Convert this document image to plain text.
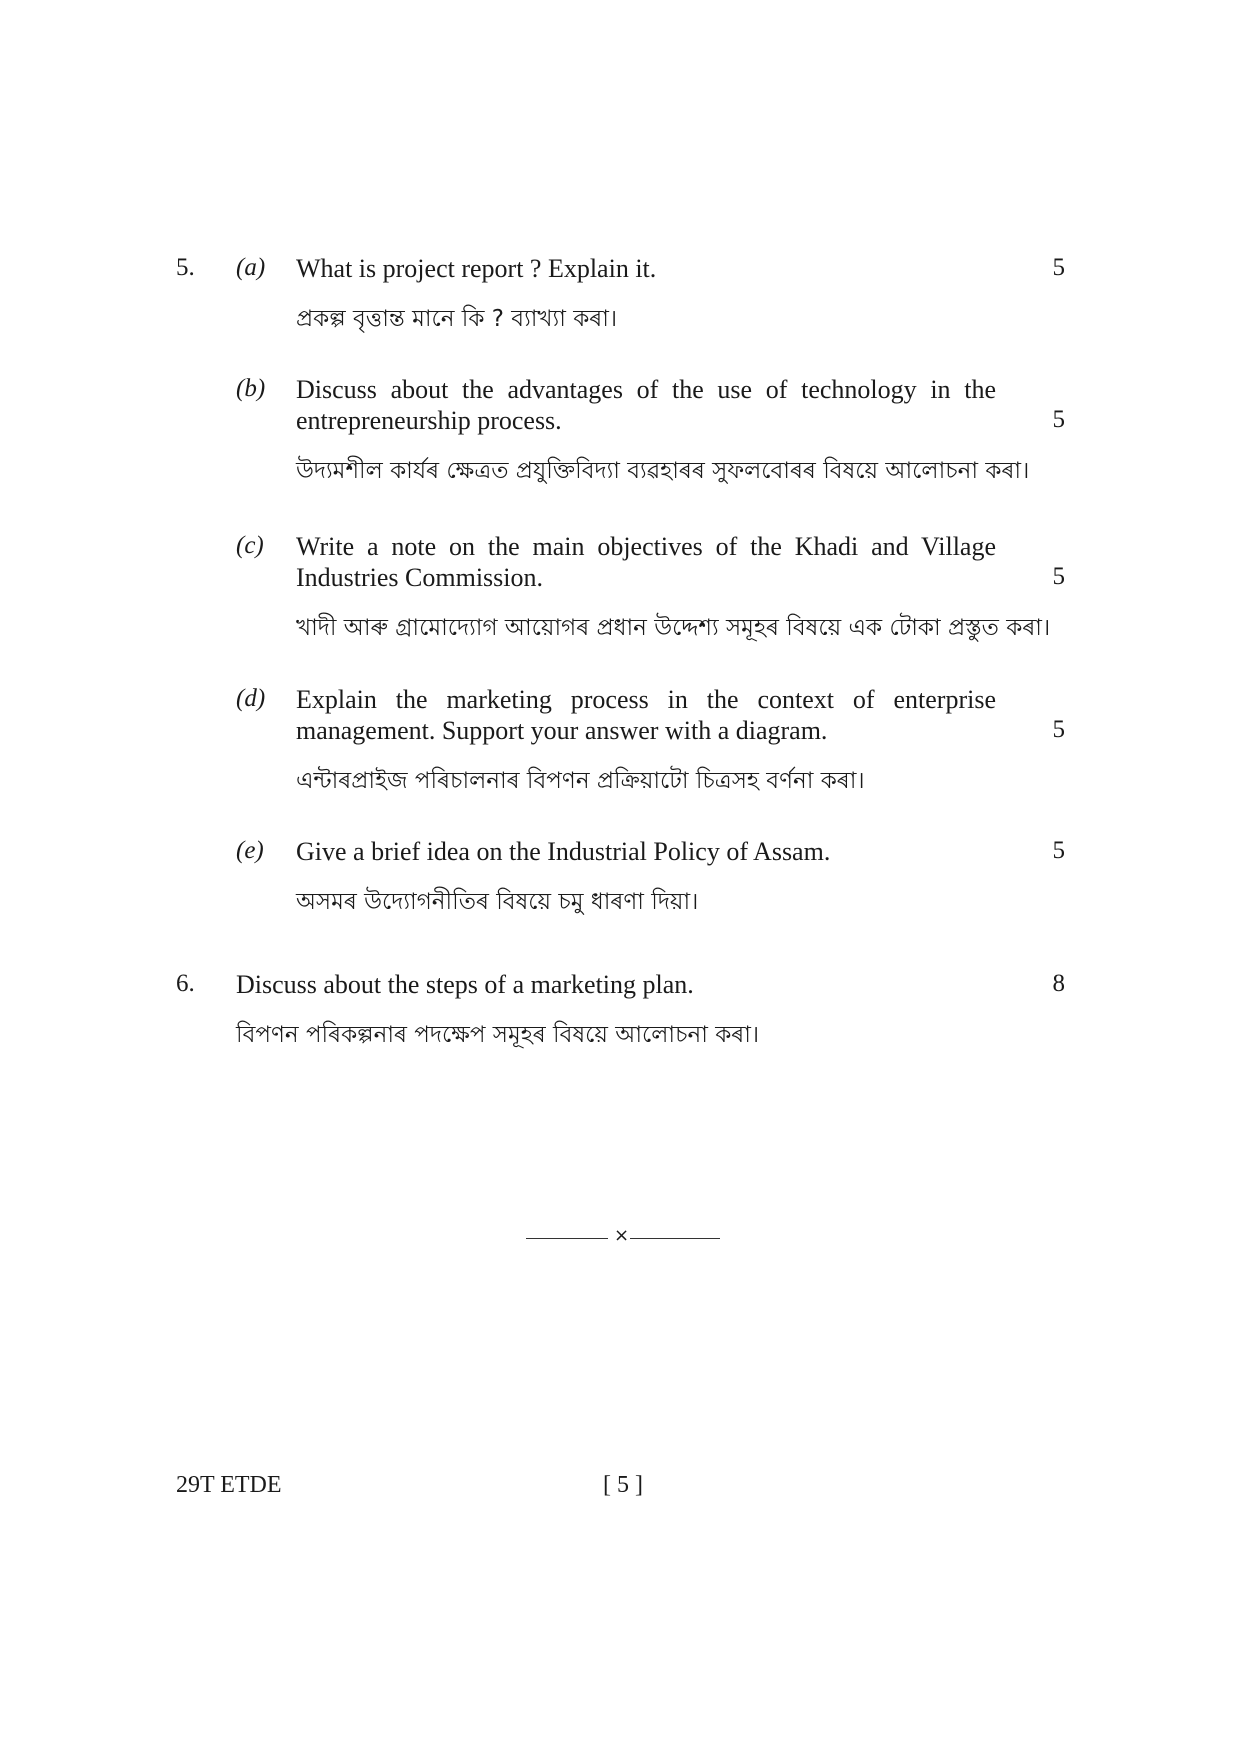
5. (a) What is project report ? Explain it.	5
প্ৰকল্প বৃত্তান্ত মানে কি ? ব্যাখ্যা কৰা।
(b) Discuss about the advantages of the use of technology in the entrepreneurship process.	5
উদ্যমশীল কাৰ্যৰ ক্ষেত্ৰত প্ৰযুক্তিবিদ্যা ব্যৱহাৰৰ সুফলবোৰৰ বিষয়ে আলোচনা কৰা।
(c) Write a note on the main objectives of the Khadi and Village Industries Commission.	5
খাদী আৰু গ্ৰামোদ্যোগ আয়োগৰ প্ৰধান উদ্দেশ্য সমূহৰ বিষয়ে এক টোকা প্ৰস্তুত কৰা।
(d) Explain the marketing process in the context of enterprise management. Support your answer with a diagram.	5
এন্টাৰপ্ৰাইজ পৰিচালনাৰ বিপণন প্ৰক্ৰিয়াটো চিত্ৰসহ বৰ্ণনা কৰা।
(e) Give a brief idea on the Industrial Policy of Assam.	5
অসমৰ উদ্যোগনীতিৰ বিষয়ে চমু ধাৰণা দিয়া।
6. Discuss about the steps of a marketing plan.	8
বিপণন পৰিকল্পনাৰ পদক্ষেপ সমূহৰ বিষয়ে আলোচনা কৰা।
×
29T ETDE	[ 5 ]
